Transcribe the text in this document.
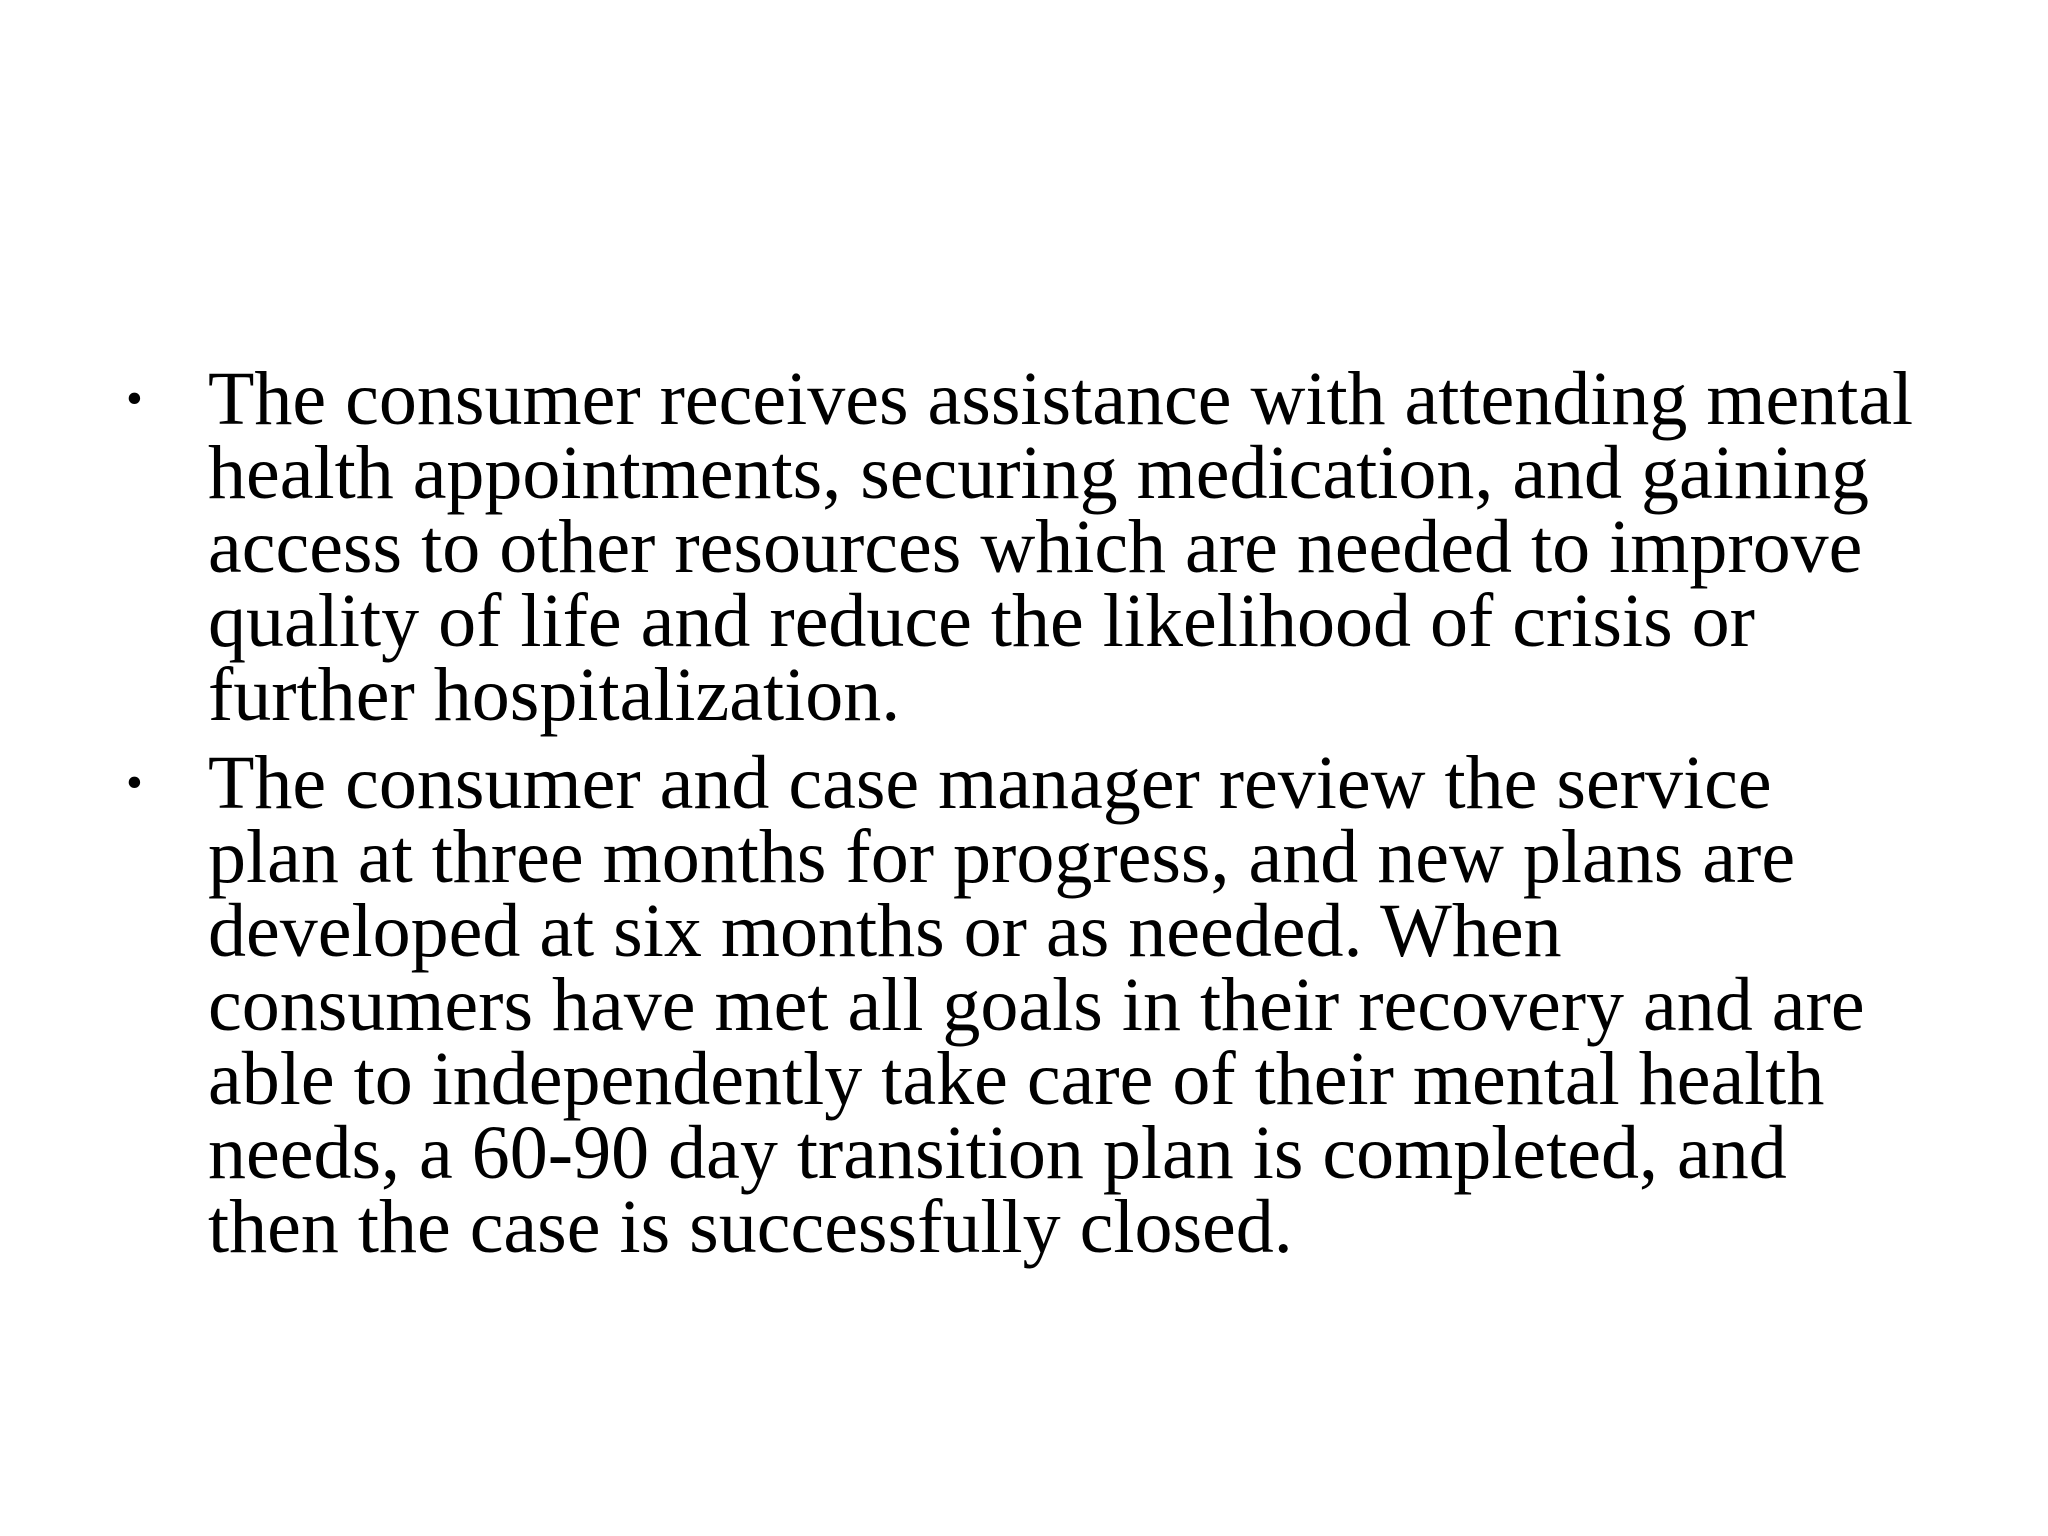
• The consumer receives assistance with attending mental
health appointments, securing medication, and gaining
access to other resources which are needed to improve
quality of life and reduce the likelihood of crisis or
further hospitalization.
• The consumer and case manager review the service
plan at three months for progress, and new plans are
developed at six months or as needed. When
consumers have met all goals in their recovery and are
able to independently take care of their mental health
needs, a 60-90 day transition plan is completed, and
then the case is successfully closed.
